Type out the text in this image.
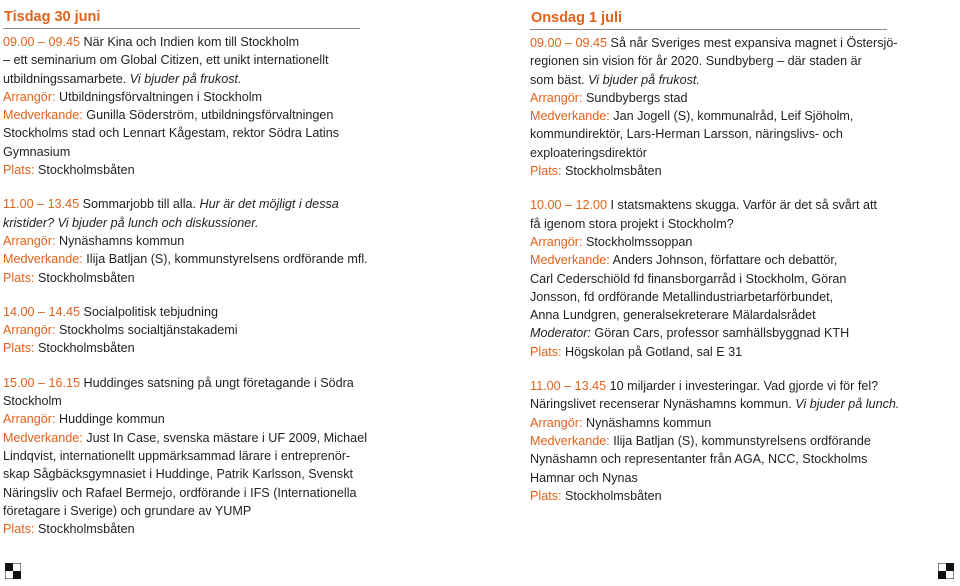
Tisdag 30 juni
09.00 – 09.45 När Kina och Indien kom till Stockholm
– ett seminarium om Global Citizen, ett unikt internationellt
utbildningssamarbete. Vi bjuder på frukost.
Arrangör: Utbildningsförvaltningen i Stockholm
Medverkande: Gunilla Söderström, utbildningsförvaltningen
Stockholms stad och Lennart Kågestam, rektor Södra Latins
Gymnasium
Plats: Stockholmsbåten
11.00 – 13.45 Sommarjobb till alla. Hur är det möjligt i dessa
kristider? Vi bjuder på lunch och diskussioner.
Arrangör: Nynäshamns kommun
Medverkande: Ilija Batljan (S), kommunstyrelsens ordförande mfl.
Plats: Stockholmsbåten
14.00 – 14.45 Socialpolitisk tebjudning
Arrangör: Stockholms socialtjänstakademi
Plats: Stockholmsbåten
15.00 – 16.15 Huddinges satsning på ungt företagande i Södra
Stockholm
Arrangör: Huddinge kommun
Medverkande: Just In Case, svenska mästare i UF 2009, Michael
Lindqvist, internationellt uppmärksammad lärare i entreprenör-
skap Sågbäcksgymnasiet i Huddinge, Patrik Karlsson, Svenskt
Näringsliv och Rafael Bermejo, ordförande i IFS (Internationella
företagare i Sverige) och grundare av YUMP
Plats: Stockholmsbåten
Onsdag 1 juli
09.00 – 09.45 Så når Sveriges mest expansiva magnet i Östersjö-
regionen sin vision för år 2020. Sundbyberg – där staden är
som bäst. Vi bjuder på frukost.
Arrangör: Sundbybergs stad
Medverkande: Jan Jogell (S), kommunalråd, Leif Sjöholm,
kommundirektör, Lars-Herman Larsson, näringslivs- och
exploateringsdirektör
Plats: Stockholmsbåten
10.00 – 12.00 I statsmaktens skugga. Varför är det så svårt att
få igenom stora projekt i Stockholm?
Arrangör: Stockholmssoppan
Medverkande: Anders Johnson, författare och debattör,
Carl Cederschiöld fd finansborgarråd i Stockholm, Göran
Jonsson, fd ordförande Metallindustriarbetarförbundet,
Anna Lundgren, generalsekreterare Mälardalsrådet
Moderator: Göran Cars, professor samhällsbyggnad KTH
Plats: Högskolan på Gotland, sal E 31
11.00 – 13.45 10 miljarder i investeringar. Vad gjorde vi för fel?
Näringslivet recenserar Nynäshamns kommun. Vi bjuder på lunch.
Arrangör: Nynäshamns kommun
Medverkande: Ilija Batljan (S), kommunstyrelsens ordförande
Nynäshamn och representanter från AGA, NCC, Stockholms
Hamnar och Nynas
Plats: Stockholmsbåten
